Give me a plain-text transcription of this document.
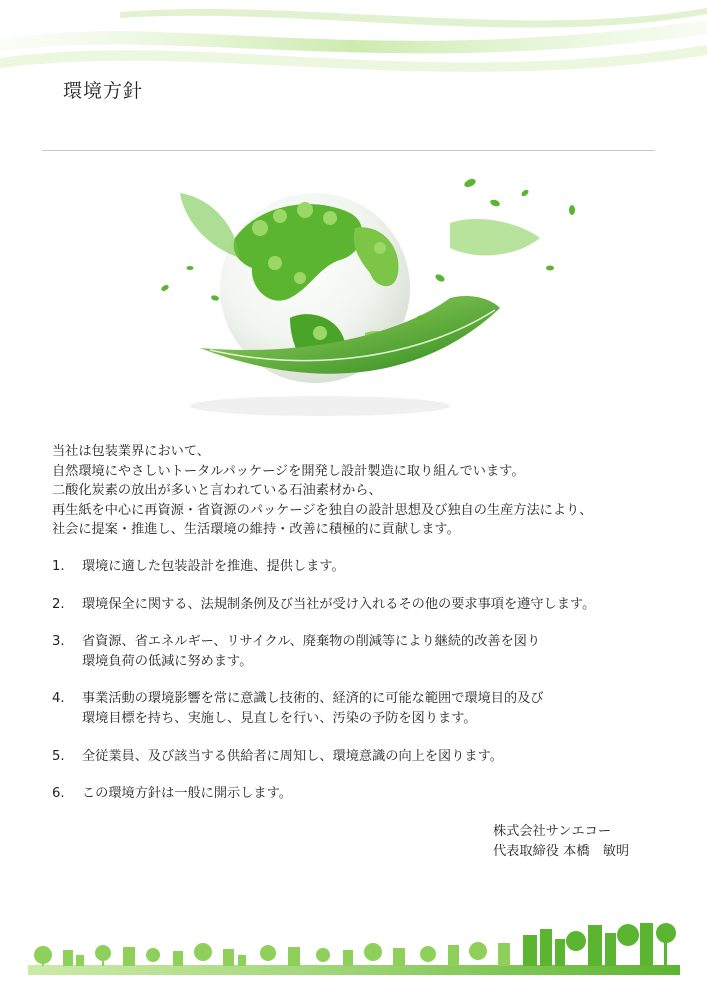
環境方針
当社は包装業界において、
自然環境にやさしいトータルパッケージを開発し設計製造に取り組んでいます。
二酸化炭素の放出が多いと言われている石油素材から、
再生紙を中心に再資源・省資源のパッケージを独自の設計思想及び独自の生産方法により、
社会に提案・推進し、生活環境の維持・改善に積極的に貢献します。
1.	環境に適した包装設計を推進、提供します。
2.	環境保全に関する、法規制条例及び当社が受け入れるその他の要求事項を遵守します。
3.	省資源、省エネルギー、リサイクル、廃棄物の削減等により継続的改善を図り
環境負荷の低減に努めます。
4.	事業活動の環境影響を常に意識し技術的、経済的に可能な範囲で環境目的及び
環境目標を持ち、実施し、見直しを行い、汚染の予防を図ります。
5.	全従業員、及び該当する供給者に周知し、環境意識の向上を図ります。
6.	この環境方針は一般に開示します。
株式会社サンエコー
代表取締役 本橋　敏明
